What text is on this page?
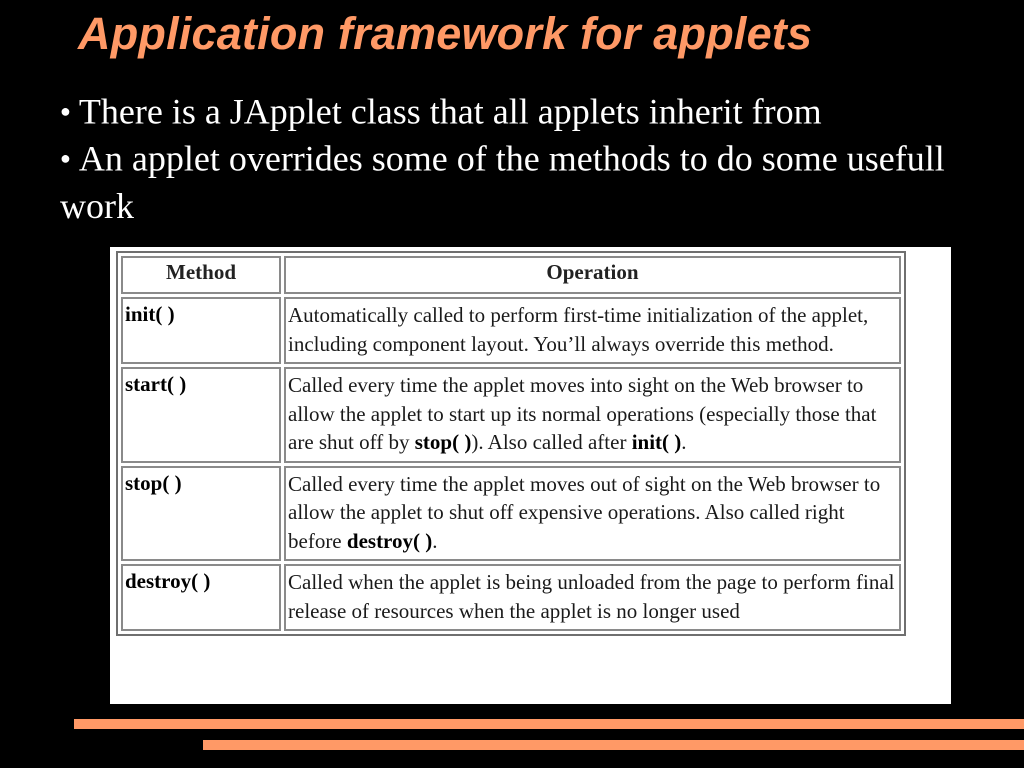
Application framework for applets
● There is a JApplet class that all applets inherit from
● An applet overrides some of the methods to do some usefull work
Method	Operation
init( )	Automatically called to perform first-time initialization of the applet, including component layout. You’ll always override this method.
start( )	Called every time the applet moves into sight on the Web browser to allow the applet to start up its normal operations (especially those that are shut off by stop( )). Also called after init( ).
stop( )	Called every time the applet moves out of sight on the Web browser to allow the applet to shut off expensive operations. Also called right before destroy( ).
destroy( )	Called when the applet is being unloaded from the page to perform final release of resources when the applet is no longer used
